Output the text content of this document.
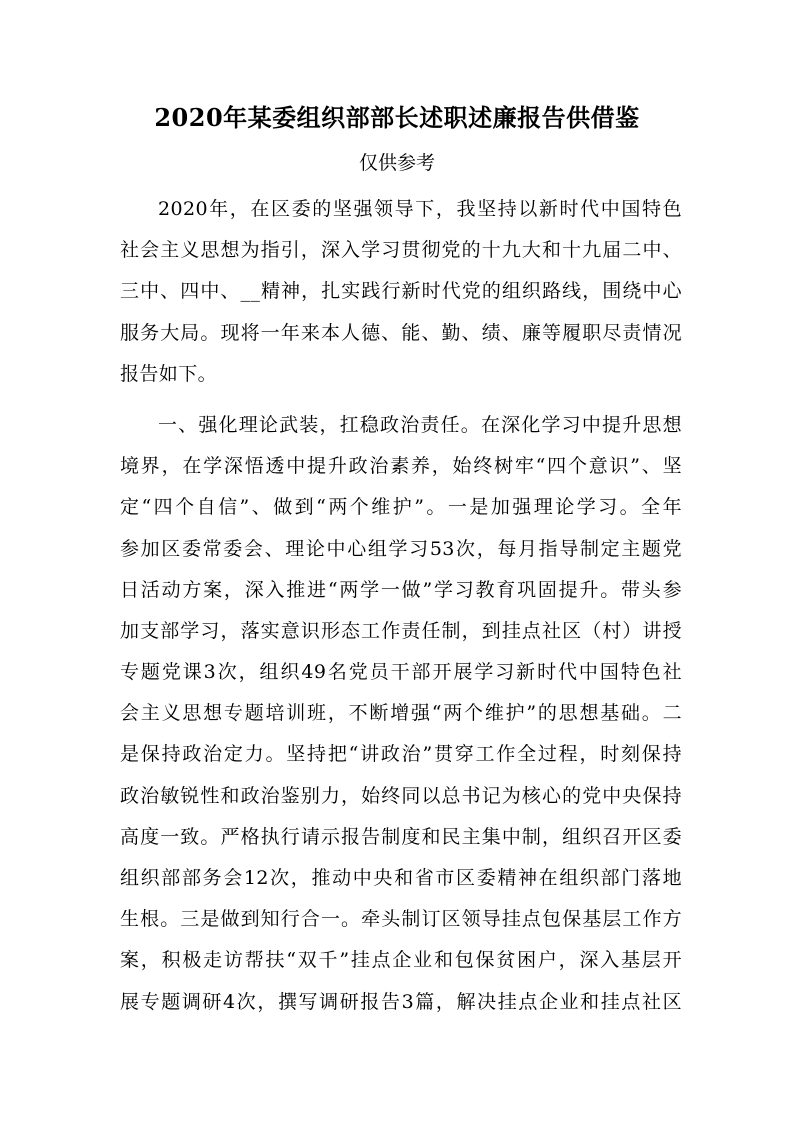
2020年某委组织部部长述职述廉报告供借鉴
仅供参考
2020年，在区委的坚强领导下，我坚持以新时代中国特色
社会主义思想为指引，深入学习贯彻党的十九大和十九届二中、
三中、四中、__精神，扎实践行新时代党的组织路线，围绕中心
服务大局。现将一年来本人德、能、勤、绩、廉等履职尽责情况
报告如下。
一、强化理论武装，扛稳政治责任。在深化学习中提升思想
境界，在学深悟透中提升政治素养，始终树牢“四个意识”、坚
定“四个自信”、做到“两个维护”。一是加强理论学习。全年
参加区委常委会、理论中心组学习53次，每月指导制定主题党
日活动方案，深入推进“两学一做”学习教育巩固提升。带头参
加支部学习，落实意识形态工作责任制，到挂点社区（村）讲授
专题党课3次，组织49名党员干部开展学习新时代中国特色社
会主义思想专题培训班，不断增强“两个维护”的思想基础。二
是保持政治定力。坚持把“讲政治”贯穿工作全过程，时刻保持
政治敏锐性和政治鉴别力，始终同以总书记为核心的党中央保持
高度一致。严格执行请示报告制度和民主集中制，组织召开区委
组织部部务会12次，推动中央和省市区委精神在组织部门落地
生根。三是做到知行合一。牵头制订区领导挂点包保基层工作方
案，积极走访帮扶“双千”挂点企业和包保贫困户，深入基层开
展专题调研4次，撰写调研报告3篇，解决挂点企业和挂点社区
